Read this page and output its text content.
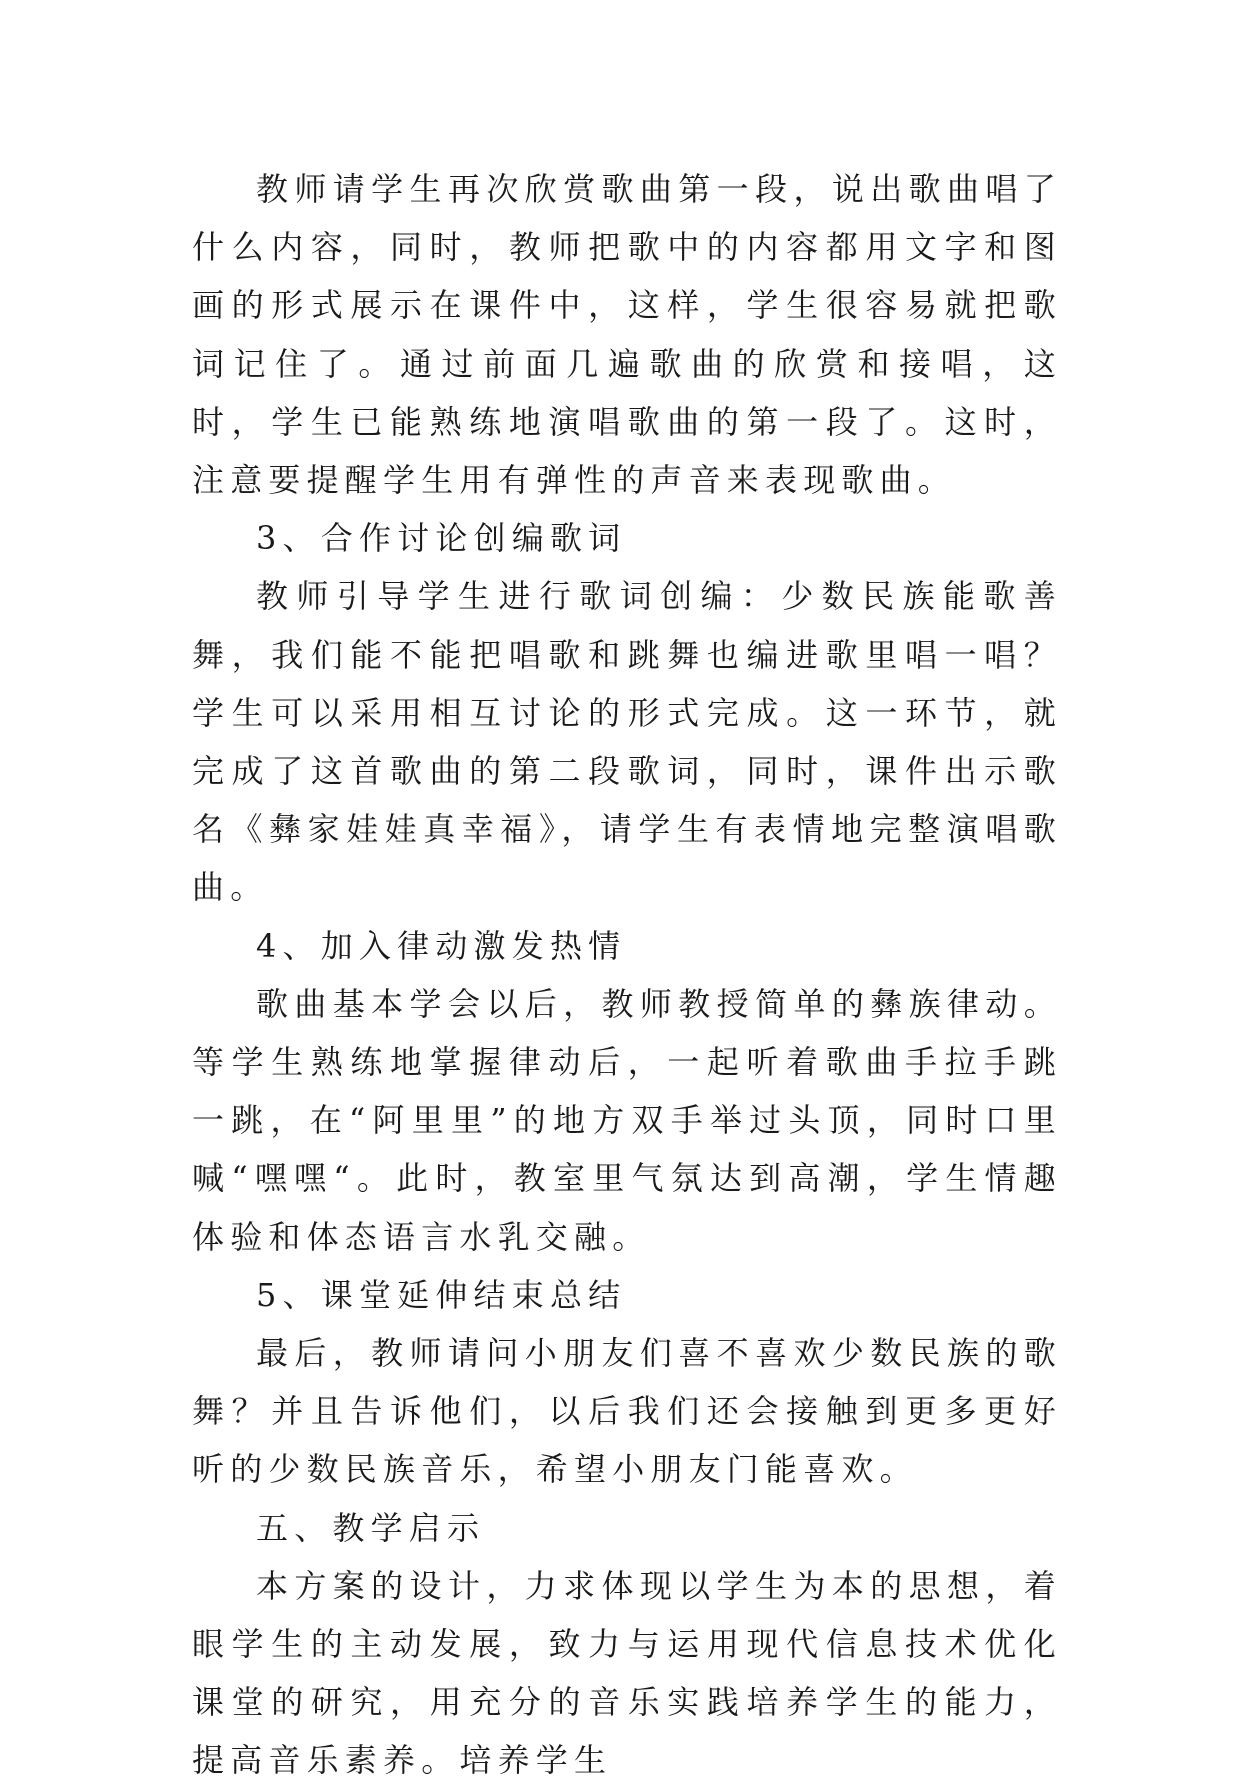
教师请学生再次欣赏歌曲第一段，说出歌曲唱了什么内容，同时，教师把歌中的内容都用文字和图画的形式展示在课件中，这样，学生很容易就把歌词记住了。通过前面几遍歌曲的欣赏和接唱，这时，学生已能熟练地演唱歌曲的第一段了。这时，注意要提醒学生用有弹性的声音来表现歌曲。

3、合作讨论创编歌词

教师引导学生进行歌词创编：少数民族能歌善舞，我们能不能把唱歌和跳舞也编进歌里唱一唱？学生可以采用相互讨论的形式完成。这一环节，就完成了这首歌曲的第二段歌词，同时，课件出示歌名《彝家娃娃真幸福》，请学生有表情地完整演唱歌曲。

4、加入律动激发热情

歌曲基本学会以后，教师教授简单的彝族律动。等学生熟练地掌握律动后，一起听着歌曲手拉手跳一跳，在“阿里里”的地方双手举过头顶，同时口里喊“嘿嘿“。此时，教室里气氛达到高潮，学生情趣体验和体态语言水乳交融。

5、课堂延伸结束总结

最后，教师请问小朋友们喜不喜欢少数民族的歌舞？并且告诉他们，以后我们还会接触到更多更好听的少数民族音乐，希望小朋友门能喜欢。

五、教学启示

本方案的设计，力求体现以学生为本的思想，着眼学生的主动发展，致力与运用现代信息技术优化课堂的研究，用充分的音乐实践培养学生的能力，提高音乐素养。培养学生
